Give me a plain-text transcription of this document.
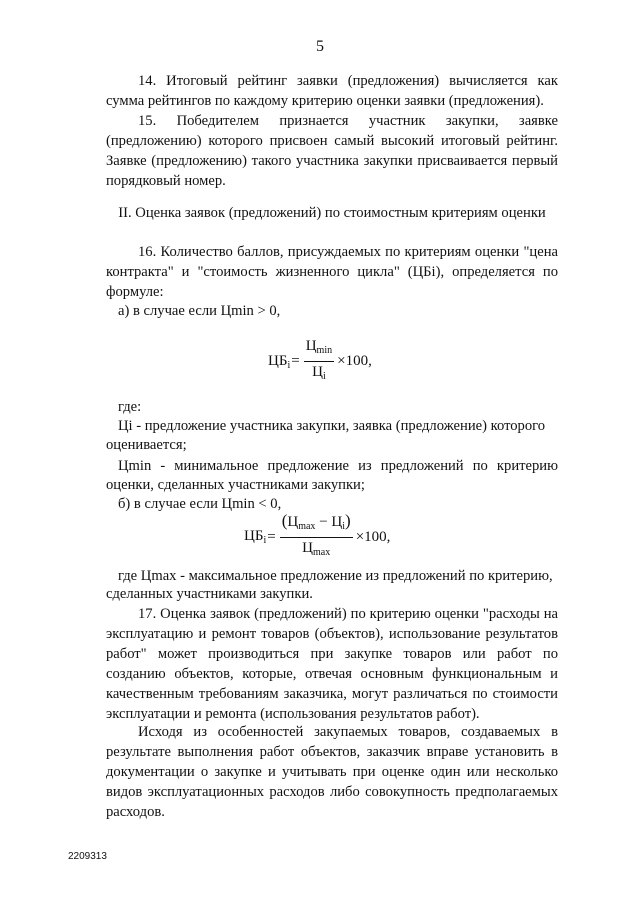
5

14. Итоговый рейтинг заявки (предложения) вычисляется как сумма рейтингов по каждому критерию оценки заявки (предложения).

15. Победителем признается участник закупки, заявке (предложению) которого присвоен самый высокий итоговый рейтинг. Заявке (предложению) такого участника закупки присваивается первый порядковый номер.

II. Оценка заявок (предложений) по стоимостным критериям оценки

16. Количество баллов, присуждаемых по критериям оценки "цена контракта" и "стоимость жизненного цикла" (ЦБi), определяется по формуле:

а) в случае если Цmin > 0,

$ЦБ_i = \frac{Ц_{min}}{Ц_i} \times 100$,

где:

Цi - предложение участника закупки, заявка (предложение) которого

оценивается;

Цmin - минимальное предложение из предложений по критерию

оценки, сделанных участниками закупки;

б) в случае если Цmin < 0,

$ЦБ_i = \frac{(Ц_{max} - Ц_i)}{Ц_{max}} \times 100$,

где Цmax - максимальное предложение из предложений по критерию,

сделанных участниками закупки.

17. Оценка заявок (предложений) по критерию оценки "расходы на эксплуатацию и ремонт товаров (объектов), использование результатов работ" может производиться при закупке товаров или работ по созданию объектов, которые, отвечая основным функциональным и качественным требованиям заказчика, могут различаться по стоимости эксплуатации и ремонта (использования результатов работ).

Исходя из особенностей закупаемых товаров, создаваемых в результате выполнения работ объектов, заказчик вправе установить в документации о закупке и учитывать при оценке один или несколько видов эксплуатационных расходов либо совокупность предполагаемых расходов.

2209313
